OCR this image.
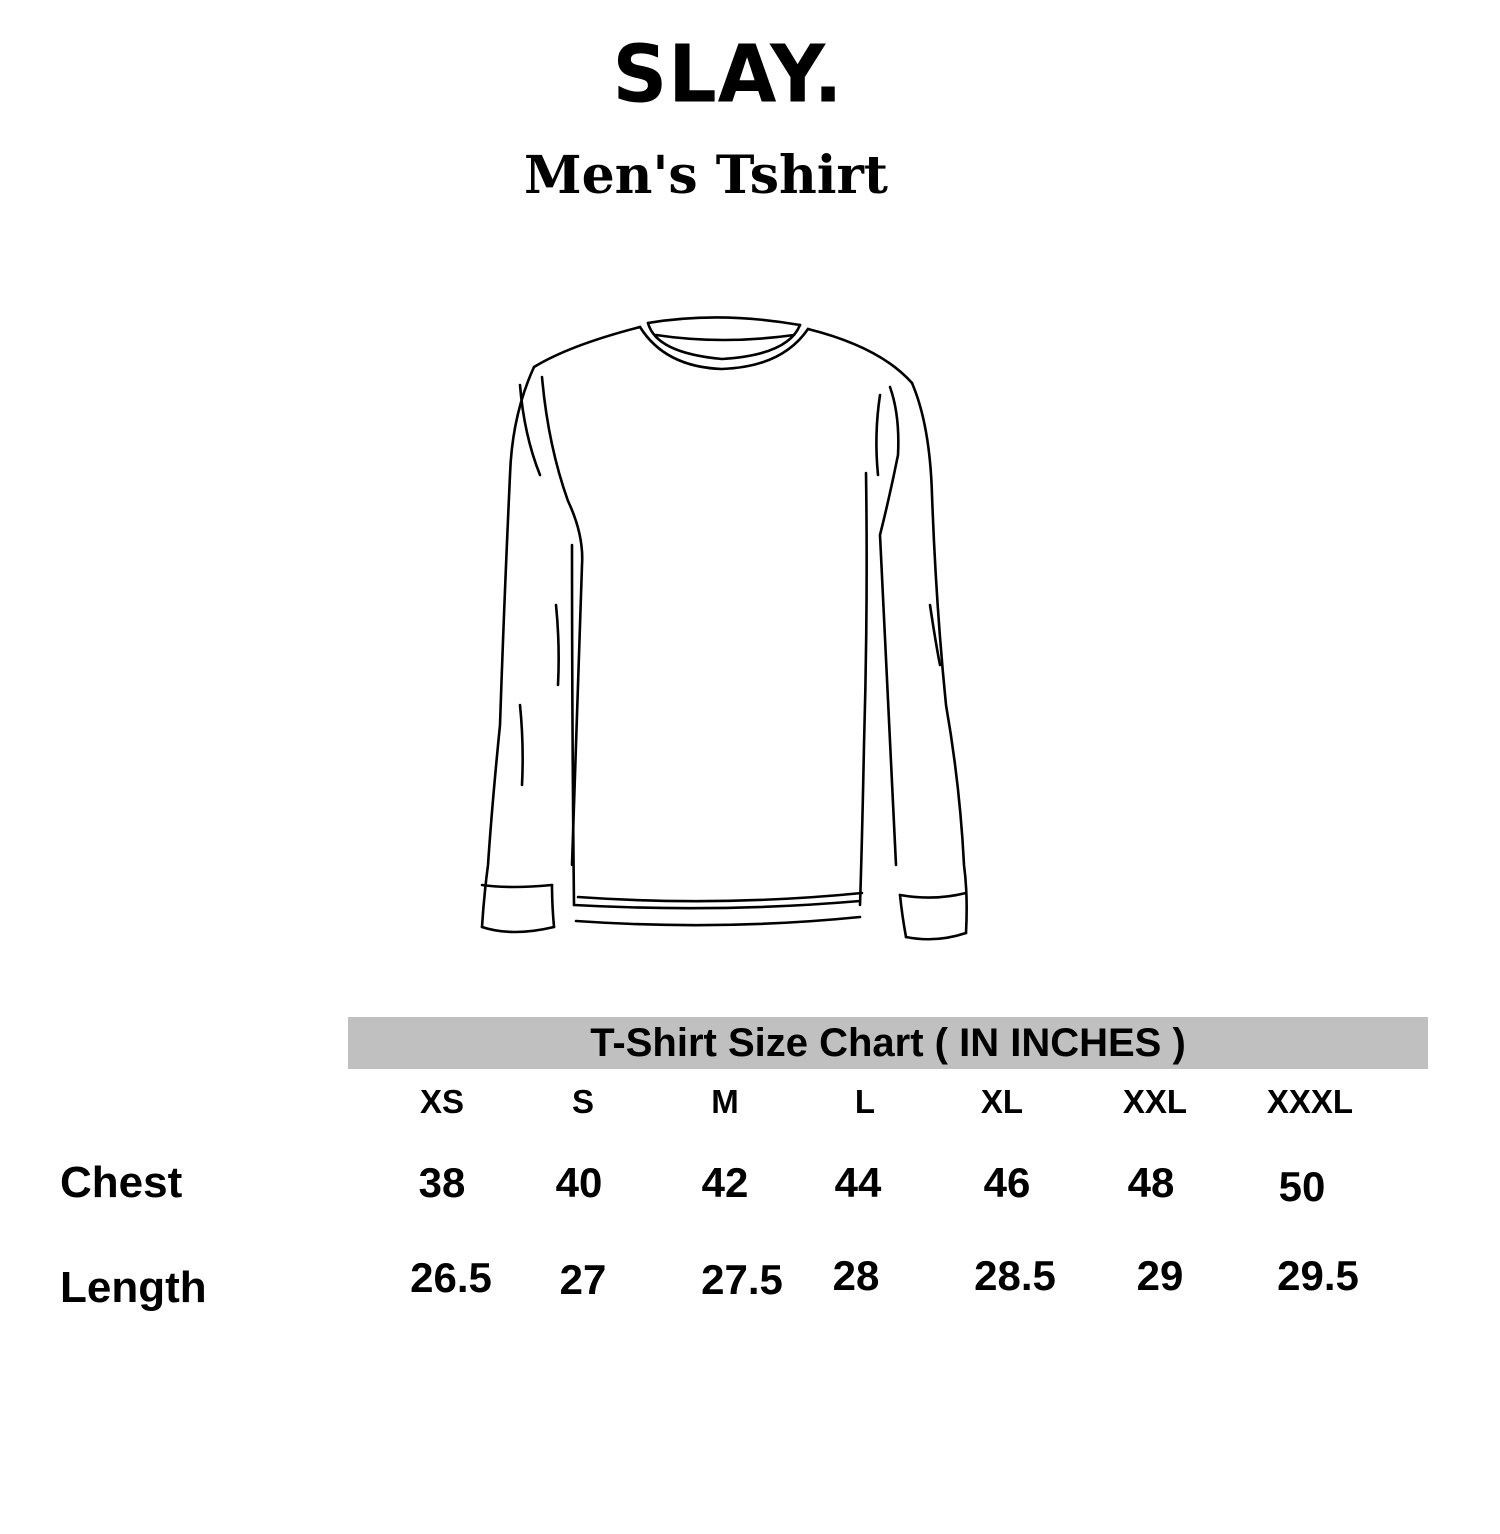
SLAY.
Men's Tshirt
T-Shirt Size Chart ( IN INCHES )
XS	S	M	L	XL	XXL	XXXL
Chest	38	40	42	44	46	48	50
Length	26.5	27	27.5	28	28.5	29	29.5
